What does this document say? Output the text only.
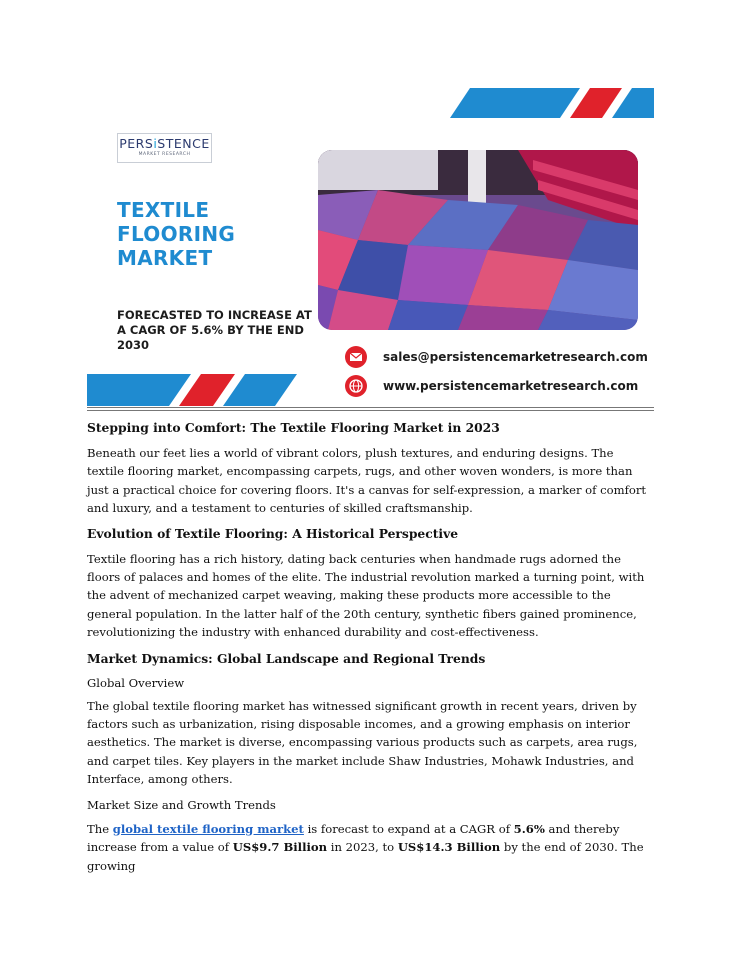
PERSiSTENCE
MARKET RESEARCH
TEXTILE
FLOORING
MARKET
FORECASTED TO INCREASE AT A CAGR OF 5.6% BY THE END 2030
sales@persistencemarketresearch.com
www.persistencemarketresearch.com
Stepping into Comfort: The Textile Flooring Market in 2023

Beneath our feet lies a world of vibrant colors, plush textures, and enduring designs. The textile flooring market, encompassing carpets, rugs, and other woven wonders, is more than just a practical choice for covering floors. It's a canvas for self-expression, a marker of comfort and luxury, and a testament to centuries of skilled craftsmanship.

Evolution of Textile Flooring: A Historical Perspective

Textile flooring has a rich history, dating back centuries when handmade rugs adorned the floors of palaces and homes of the elite. The industrial revolution marked a turning point, with the advent of mechanized carpet weaving, making these products more accessible to the general population. In the latter half of the 20th century, synthetic fibers gained prominence, revolutionizing the industry with enhanced durability and cost-effectiveness.

Market Dynamics: Global Landscape and Regional Trends
Global Overview

The global textile flooring market has witnessed significant growth in recent years, driven by factors such as urbanization, rising disposable incomes, and a growing emphasis on interior aesthetics. The market is diverse, encompassing various products such as carpets, area rugs, and carpet tiles. Key players in the market include Shaw Industries, Mohawk Industries, and Interface, among others.

Market Size and Growth Trends

The global textile flooring market is forecast to expand at a CAGR of 5.6% and thereby increase from a value of US$9.7 Billion in 2023, to US$14.3 Billion by the end of 2030. The growing
